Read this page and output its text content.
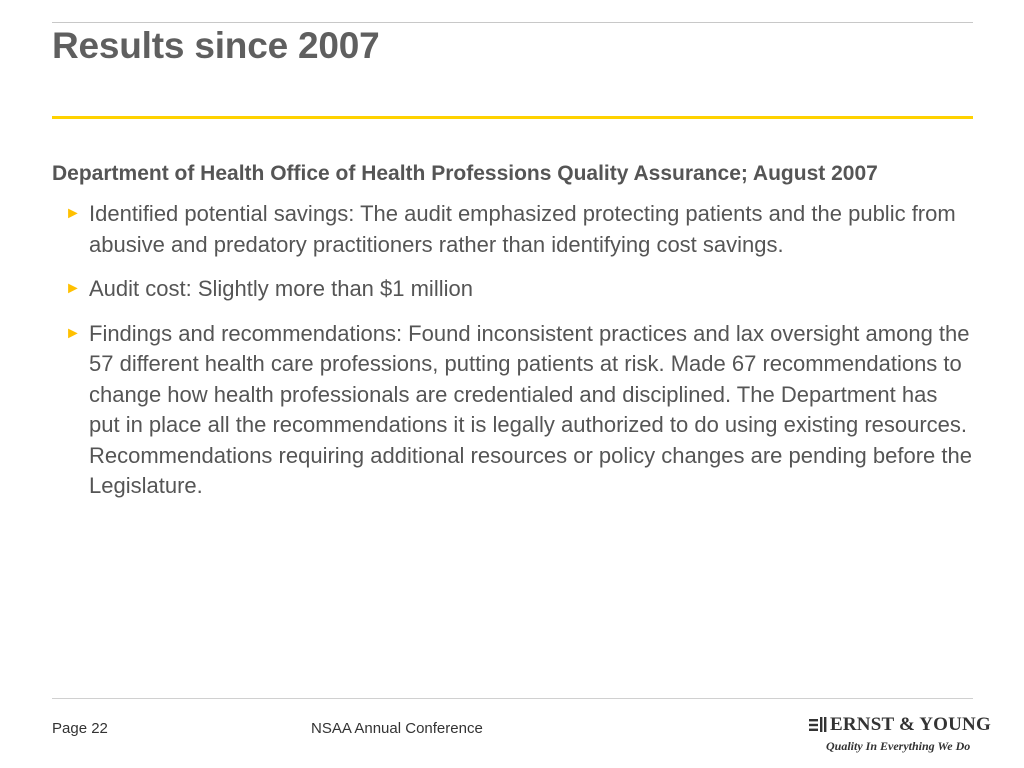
Results since 2007

Department of Health Office of Health Professions Quality Assurance; August 2007

► Identified potential savings: The audit emphasized protecting patients and the public from abusive and predatory practitioners rather than identifying cost savings.
► Audit cost: Slightly more than $1 million
► Findings and recommendations: Found inconsistent practices and lax oversight among the 57 different health care professions, putting patients at risk. Made 67 recommendations to change how health professionals are credentialed and disciplined. The Department has put in place all the recommendations it is legally authorized to do using existing resources. Recommendations requiring additional resources or policy changes are pending before the Legislature.
Page 22	NSAA Annual Conference	ERNST & YOUNG
Quality In Everything We Do
